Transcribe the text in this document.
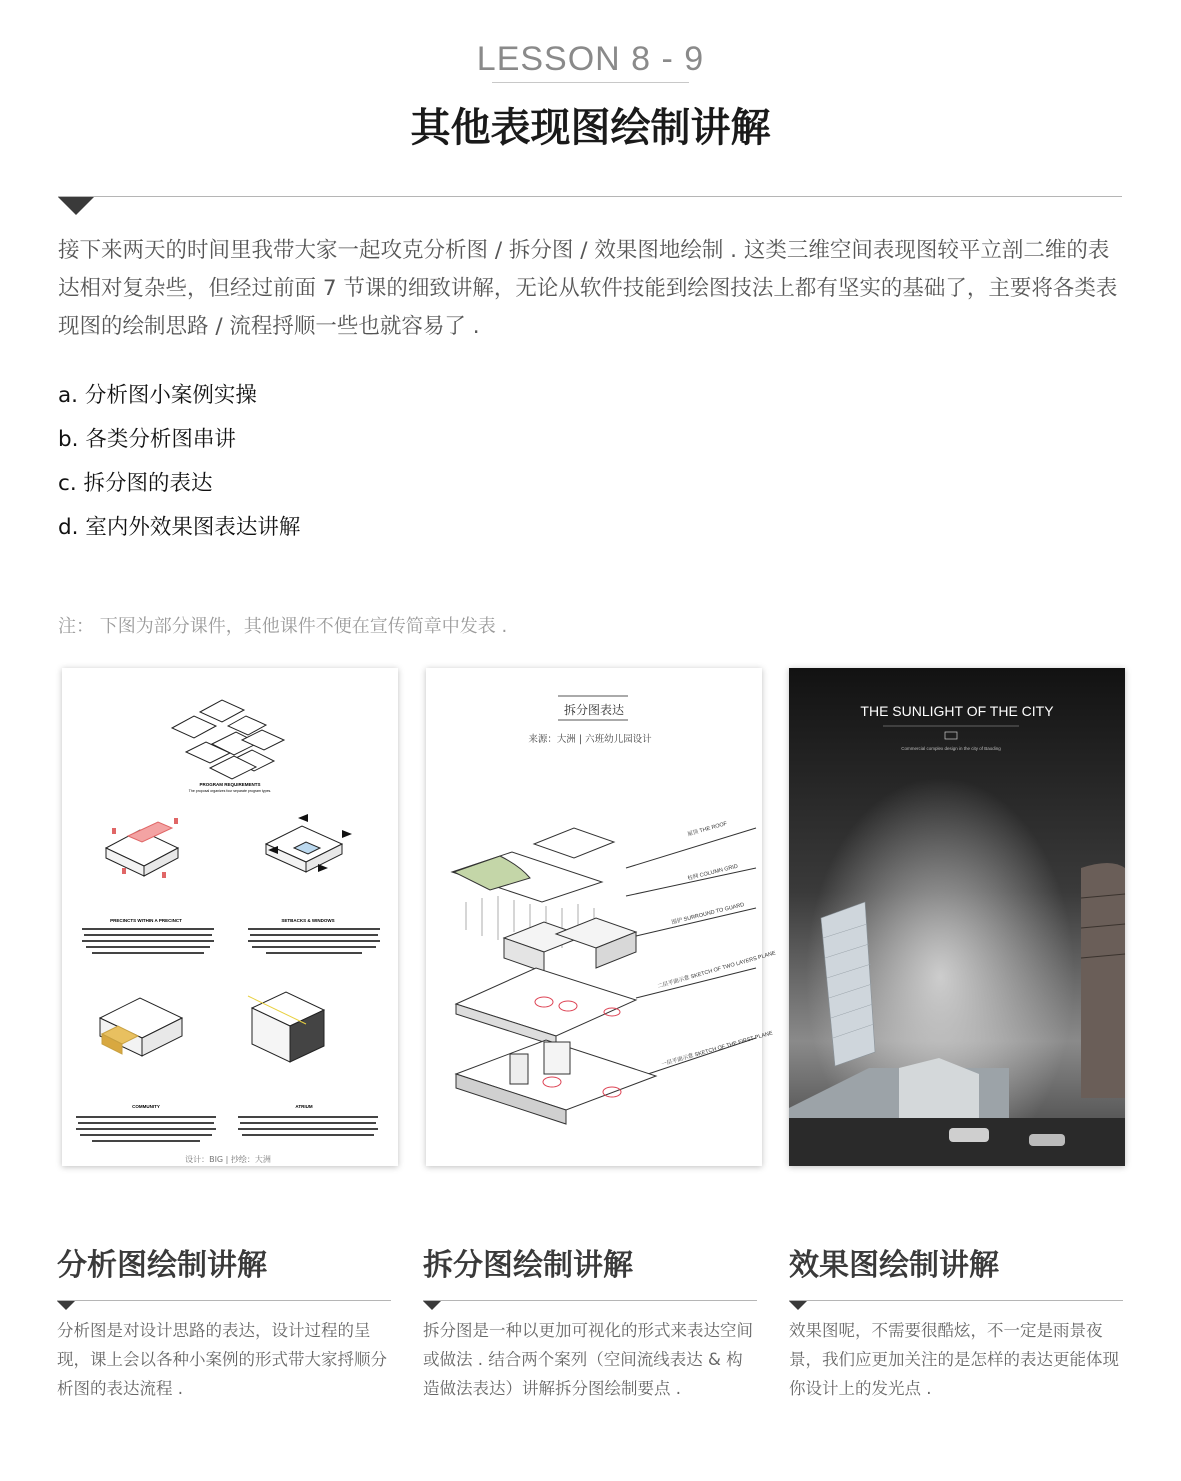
LESSON 8 - 9
其他表现图绘制讲解
接下来两天的时间里我带大家一起攻克分析图 / 拆分图 / 效果图地绘制 . 这类三维空间表现图较平立剖二维的表达相对复杂些，但经过前面 7 节课的细致讲解，无论从软件技能到绘图技法上都有坚实的基础了，主要将各类表现图的绘制思路 / 流程捋顺一些也就容易了 .
a. 分析图小案例实操
b. 各类分析图串讲
c. 拆分图的表达
d. 室内外效果图表达讲解
注： 下图为部分课件，其他课件不便在宣传简章中发表 .
PROGRAM REQUIREMENTS
The proposal organizes four separate program types.
PRECINCTS WITHIN A PRECINCT	SETBACKS & WINDOWS
COMMUNITY	ATRIUM
设计：BIG | 抄绘：大洲
拆分图表达
来源：大洲 | 六班幼儿园设计
屋顶 THE ROOF
柱网 COLUMN GRID
围护 SURROUND TO GUARD
二层平面示意 SKETCH OF TWO LAYERS PLANE
一层平面示意 SKETCH OF THE FIRST PLANE
THE SUNLIGHT OF THE CITY
Commercial complex design in the city of Baoding
分析图绘制讲解
分析图是对设计思路的表达，设计过程的呈现，课上会以各种小案例的形式带大家捋顺分析图的表达流程 .
拆分图绘制讲解
拆分图是一种以更加可视化的形式来表达空间或做法 . 结合两个案列（空间流线表达 & 构造做法表达）讲解拆分图绘制要点 .
效果图绘制讲解
效果图呢，不需要很酷炫，不一定是雨景夜景，我们应更加关注的是怎样的表达更能体现你设计上的发光点 .
